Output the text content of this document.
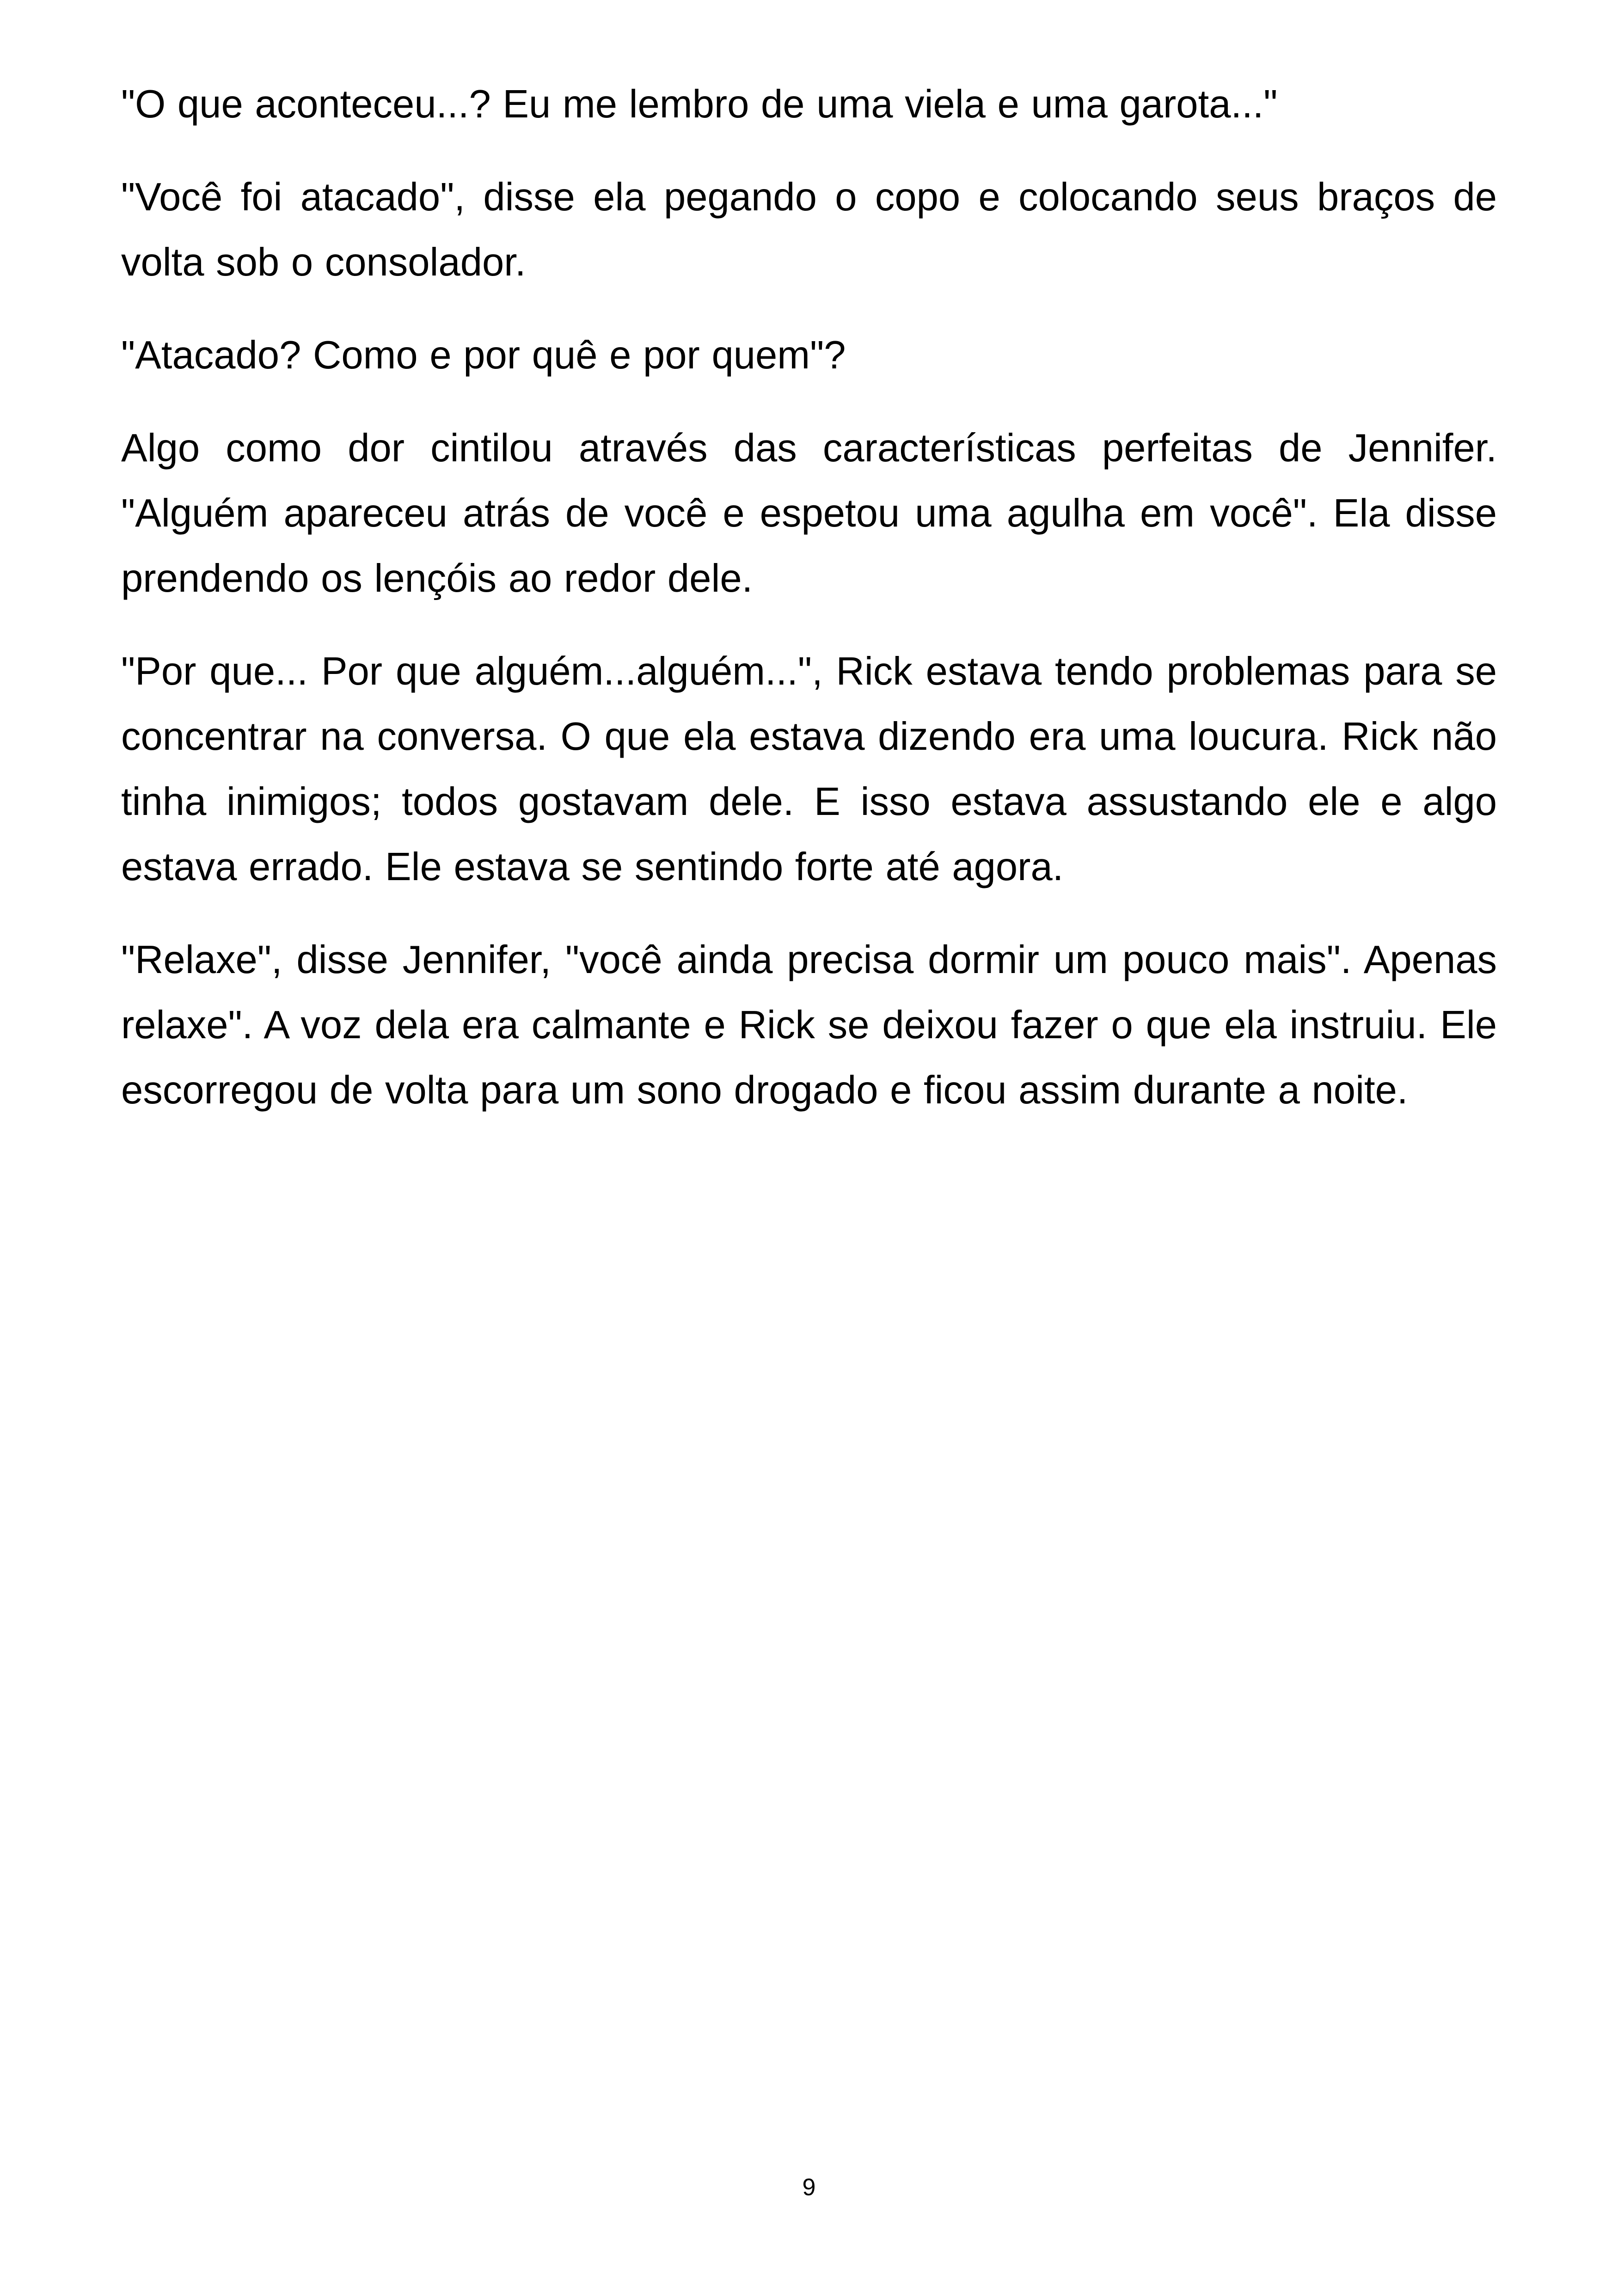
"O que aconteceu...? Eu me lembro de uma viela e uma garota..."

"Você foi atacado", disse ela pegando o copo e colocando seus braços de volta sob o consolador.

"Atacado? Como e por quê e por quem"?

Algo como dor cintilou através das características perfeitas de Jennifer. "Alguém apareceu atrás de você e espetou uma agulha em você". Ela disse prendendo os lençóis ao redor dele.

"Por que... Por que alguém...alguém...", Rick estava tendo problemas para se concentrar na conversa. O que ela estava dizendo era uma loucura. Rick não tinha inimigos; todos gostavam dele. E isso estava assustando ele e algo estava errado. Ele estava se sentindo forte até agora.

"Relaxe", disse Jennifer, "você ainda precisa dormir um pouco mais". Apenas relaxe". A voz dela era calmante e Rick se deixou fazer o que ela instruiu. Ele escorregou de volta para um sono drogado e ficou assim durante a noite.

9
